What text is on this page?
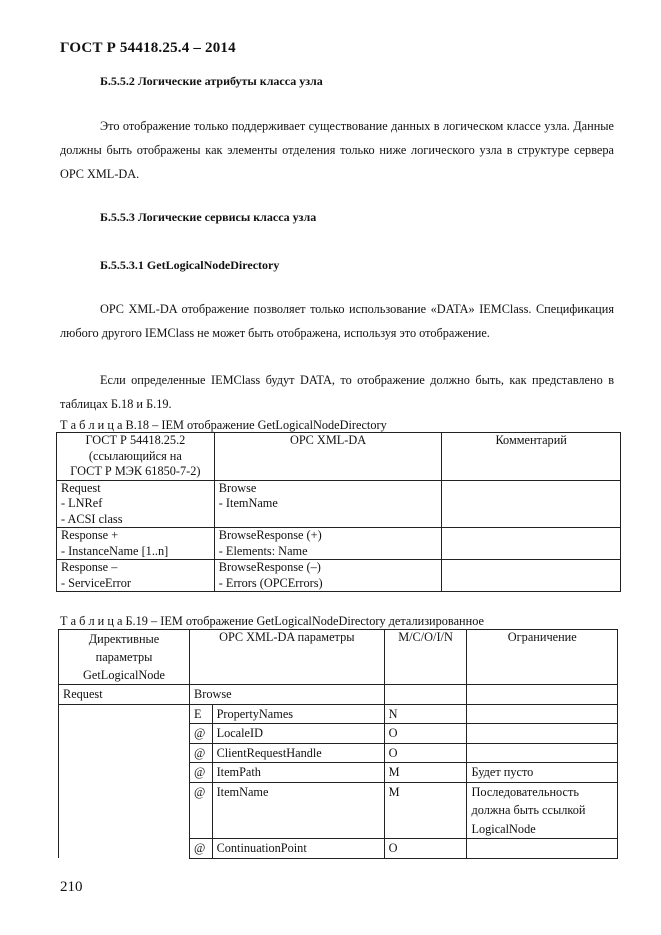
ГОСТ Р 54418.25.4 – 2014
Б.5.5.2 Логические атрибуты класса узла
Это отображение только поддерживает существование данных в логическом классе узла. Данные должны быть отображены как элементы отделения только ниже логического узла в структуре сервера OPC XML-DA.
Б.5.5.3 Логические сервисы класса узла
Б.5.5.3.1 GetLogicalNodeDirectory
OPC XML-DA отображение позволяет только использование «DATA» IEMClass. Спецификация любого другого IEMClass не может быть отображена, используя это отображение.
Если определенные IEMClass будут DATA, то отображение должно быть, как представлено в таблицах Б.18 и Б.19.
Т а б л и ц а В.18 – IEM отображение GetLogicalNodeDirectory
ГОСТ Р 54418.25.2
(ссылающийся на
ГОСТ Р МЭК 61850-7-2)	OPC XML-DA	Комментарий

Request
- LNRef
- ACSI class	Browse
- ItemName	

Response +
- InstanceName [1..n]	BrowseResponse (+)
- Elements: Name	

Response –
- ServiceError	BrowseResponse (–)
- Errors (OPCErrors)	

Т а б л и ц а Б.19 – IEM отображение GetLogicalNodeDirectory детализированное
Директивные
параметры
GetLogicalNode	OPC XML-DA параметры		M/C/O/I/N	Ограничение
Request	Browse			
	E	PropertyNames	N	
	@	LocaleID	O	
	@	ClientRequestHandle	O	
	@	ItemPath	M	Будет пусто
	@	ItemName	M	Последовательность
должна быть ссылкой
LogicalNode

	@	ContinuationPoint	O	
210
